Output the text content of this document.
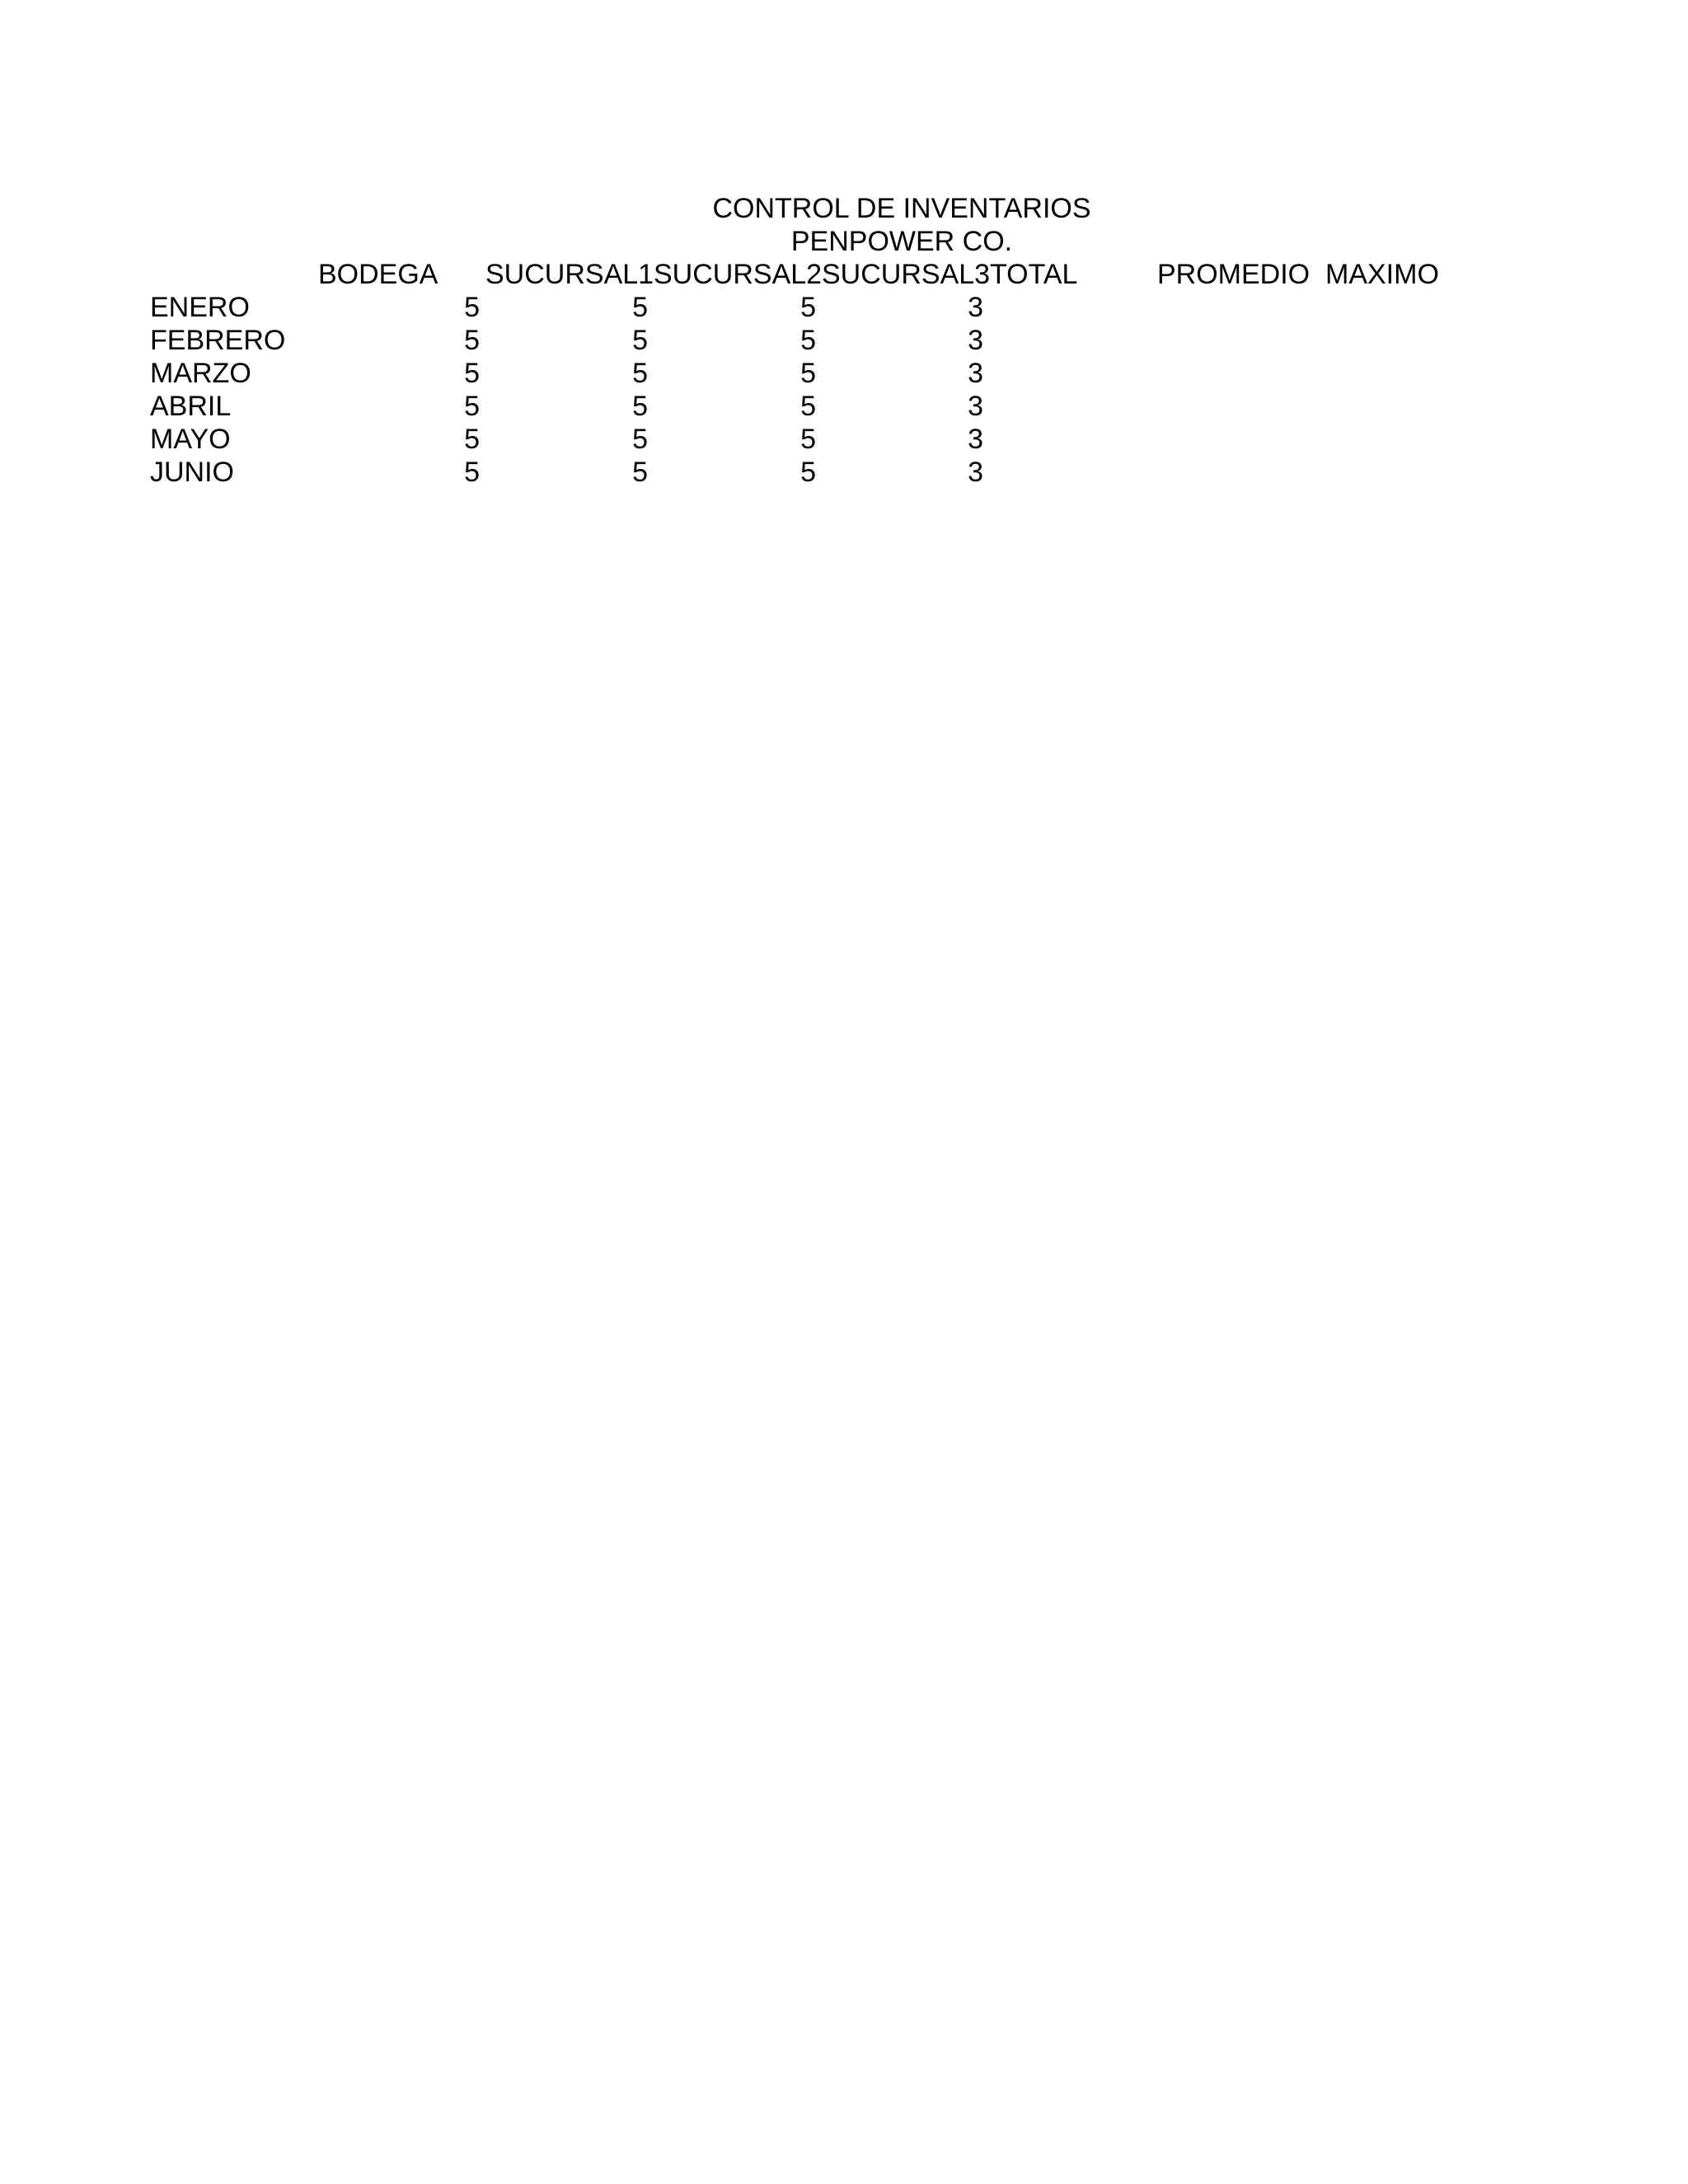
CONTROL DE INVENTARIOS
PENPOWER CO.
BODEGA SUCURSAL1 SUCURSAL2 SUCURSAL3 TOTAL	PROMEDIO MAXIMO
ENERO	5	5	5	3
FEBRERO	5	5	5	3
MARZO	5	5	5	3
ABRIL	5	5	5	3
MAYO	5	5	5	3
JUNIO	5	5	5	3
